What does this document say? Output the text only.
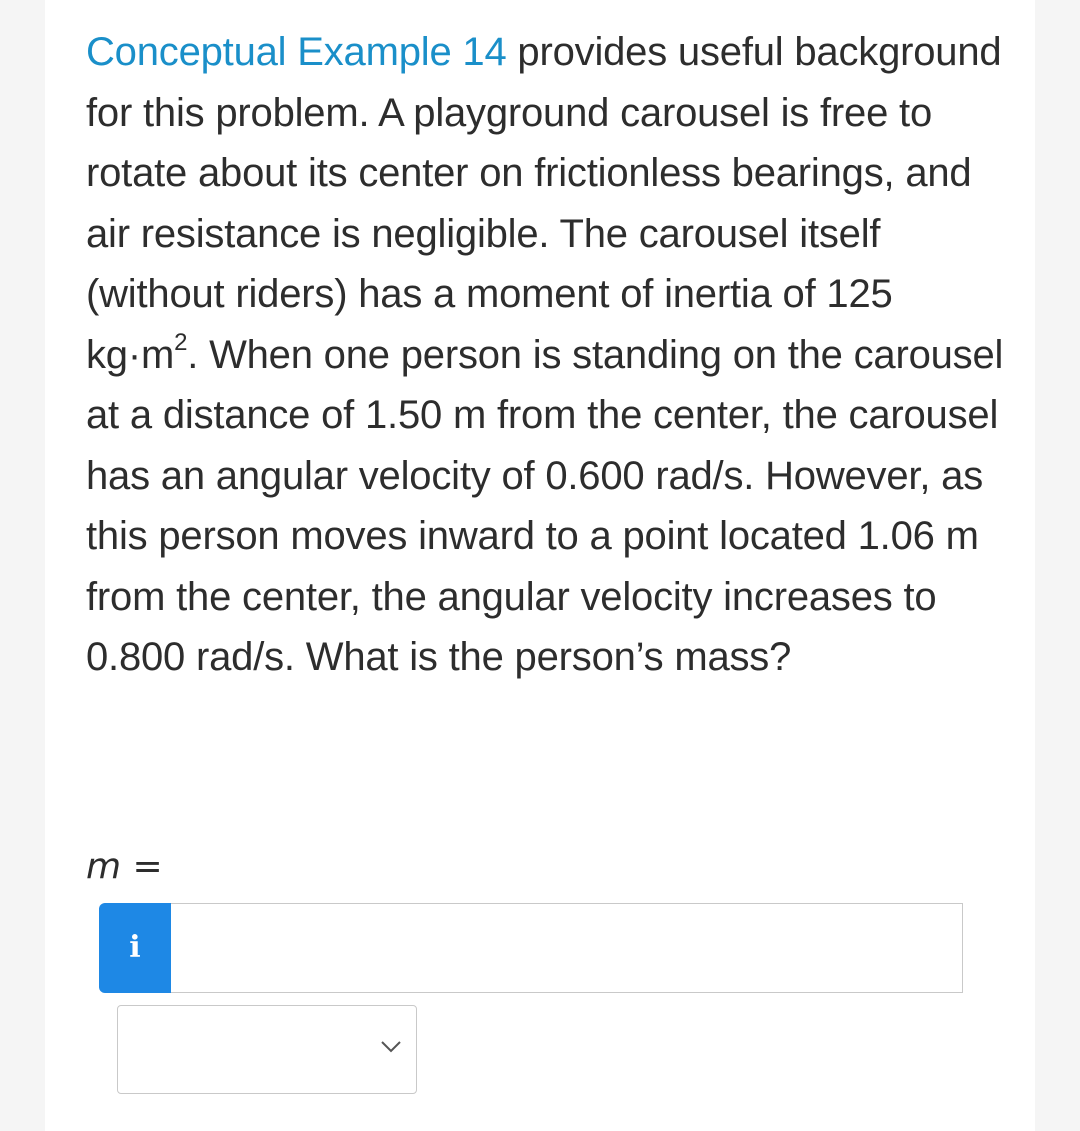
Conceptual Example 14 provides useful background for this problem. A playground carousel is free to rotate about its center on frictionless bearings, and air resistance is negligible. The carousel itself (without riders) has a moment of inertia of 125 $kg\cdot m^2$. When one person is standing on the carousel at a distance of 1.50 m from the center, the carousel has an angular velocity of 0.600 rad/s. However, as this person moves inward to a point located 1.06 m from the center, the angular velocity increases to 0.800 rad/s. What is the person’s mass?

m =
i
